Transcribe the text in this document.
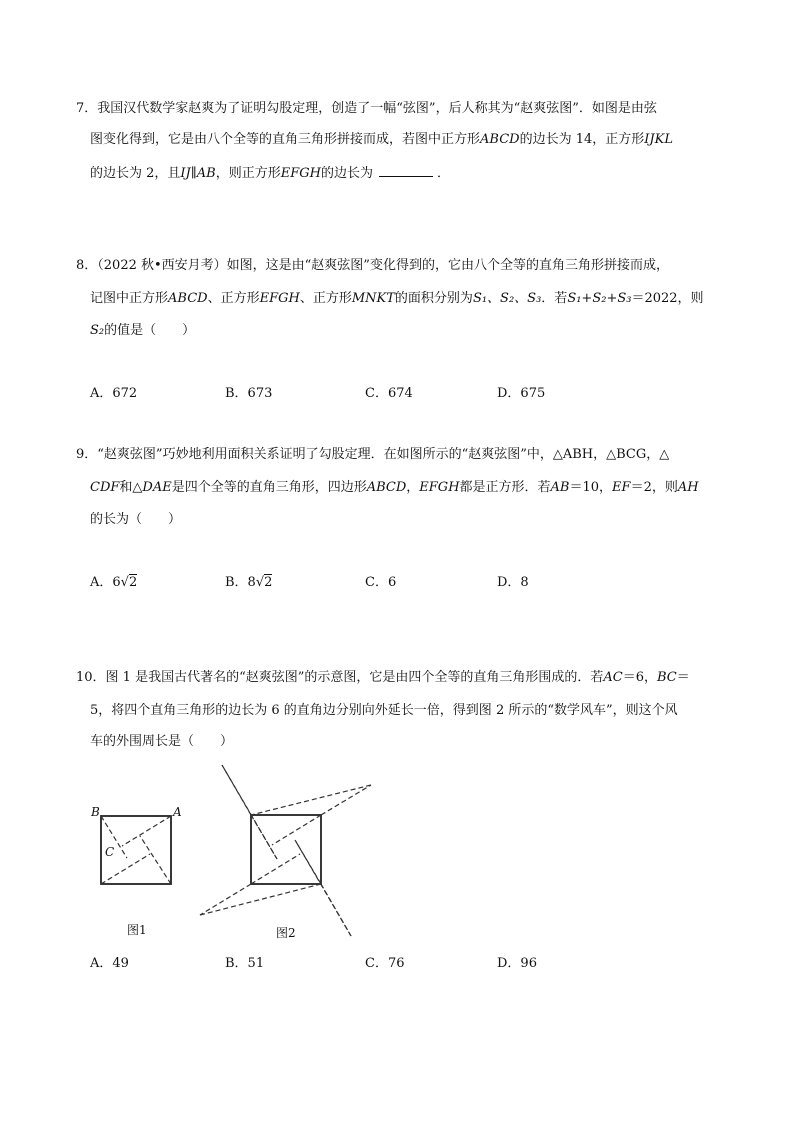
7．我国汉代数学家赵爽为了证明勾股定理，创造了一幅“弦图”，后人称其为“赵爽弦图”．如图是由弦
图变化得到，它是由八个全等的直角三角形拼接而成，若图中正方形ABCD的边长为 14，正方形IJKL
的边长为 2，且IJ∥AB，则正方形EFGH的边长为	．
8．（2022 秋•西安月考）如图，这是由“赵爽弦图”变化得到的，它由八个全等的直角三角形拼接而成，
记图中正方形ABCD、正方形EFGH、正方形MNKT的面积分别为S₁、S₂、S₃．若S₁+S₂+S₃＝2022，则
S₂的值是（　　）
A．672	B．673	C．674	D．675
9．“赵爽弦图”巧妙地利用面积关系证明了勾股定理．在如图所示的“赵爽弦图”中，△ABH，△BCG，△
CDF和△DAE是四个全等的直角三角形，四边形ABCD，EFGH都是正方形．若AB＝10，EF＝2，则AH
的长为（　　）
A．6√2	B．8√2	C．6	D．8
10．图 1 是我国古代著名的“赵爽弦图”的示意图，它是由四个全等的直角三角形围成的．若AC＝6，BC＝
5，将四个直角三角形的边长为 6 的直角边分别向外延长一倍，得到图 2 所示的“数学风车”，则这个风
车的外围周长是（　　）
B	A
C
图1	图2
A．49	B．51	C．76	D．96
